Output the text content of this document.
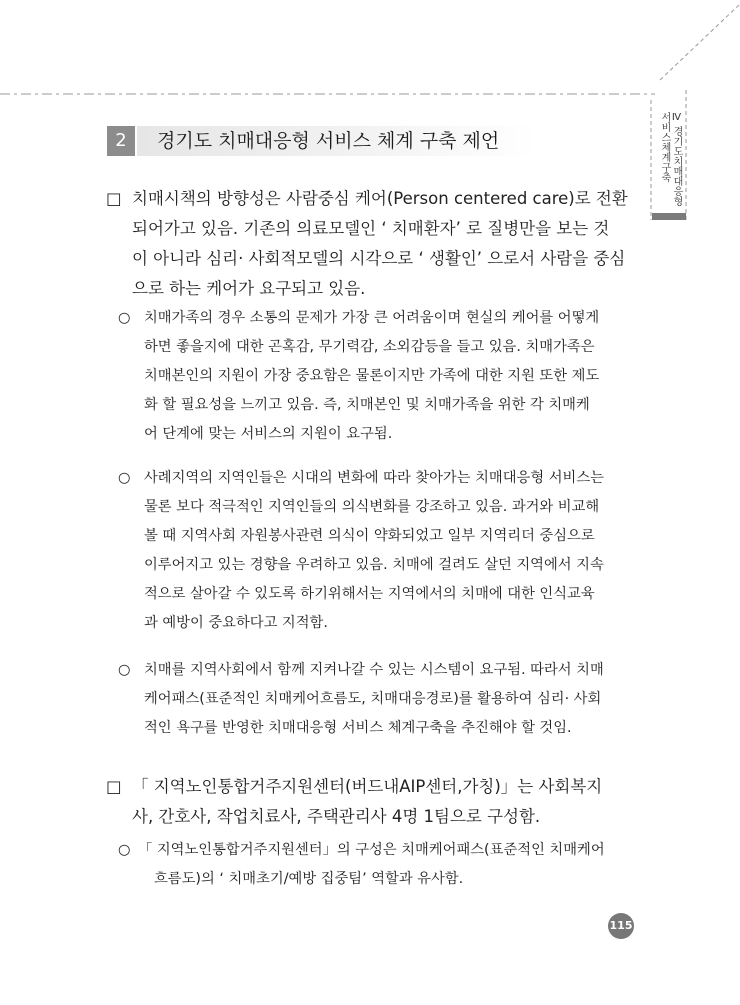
2	경기도 치매대응형 서비스 체계 구축 제언	서비스체계구축 Ⅳ 경기도치매대응형
□ 치매시책의 방향성은 사람중심 케어(Person centered care)로 전환
되어가고 있음. 기존의 의료모델인 ‘ 치매환자’ 로 질병만을 보는 것
이 아니라 심리· 사회적모델의 시각으로 ‘ 생활인’ 으로서 사람을 중심
으로 하는 케어가 요구되고 있음.
○ 치매가족의 경우 소통의 문제가 가장 큰 어려움이며 현실의 케어를 어떻게
하면 좋을지에 대한 곤혹감, 무기력감, 소외감등을 들고 있음. 치매가족은
치매본인의 지원이 가장 중요함은 물론이지만 가족에 대한 지원 또한 제도
화 할 필요성을 느끼고 있음. 즉, 치매본인 및 치매가족을 위한 각 치매케
어 단계에 맞는 서비스의 지원이 요구됨.
○ 사례지역의 지역인들은 시대의 변화에 따라 찾아가는 치매대응형 서비스는
물론 보다 적극적인 지역인들의 의식변화를 강조하고 있음. 과거와 비교해
볼 때 지역사회 자원봉사관련 의식이 약화되었고 일부 지역리더 중심으로
이루어지고 있는 경향을 우려하고 있음. 치매에 걸려도 살던 지역에서 지속
적으로 살아갈 수 있도록 하기위해서는 지역에서의 치매에 대한 인식교육
과 예방이 중요하다고 지적함.
○ 치매를 지역사회에서 함께 지켜나갈 수 있는 시스템이 요구됨. 따라서 치매
케어패스(표준적인 치매케어흐름도, 치매대응경로)를 활용하여 심리· 사회
적인 욕구를 반영한 치매대응형 서비스 체계구축을 추진해야 할 것임.
□ 「 지역노인통합거주지원센터(버드내AIP센터,가칭)」는 사회복지
사, 간호사, 작업치료사, 주택관리사 4명 1팀으로 구성함.
○ 「 지역노인통합거주지원센터」의 구성은 치매케어패스(표준적인 치매케어
흐름도)의 ‘ 치매초기/예방 집중팀’ 역할과 유사함.
115
